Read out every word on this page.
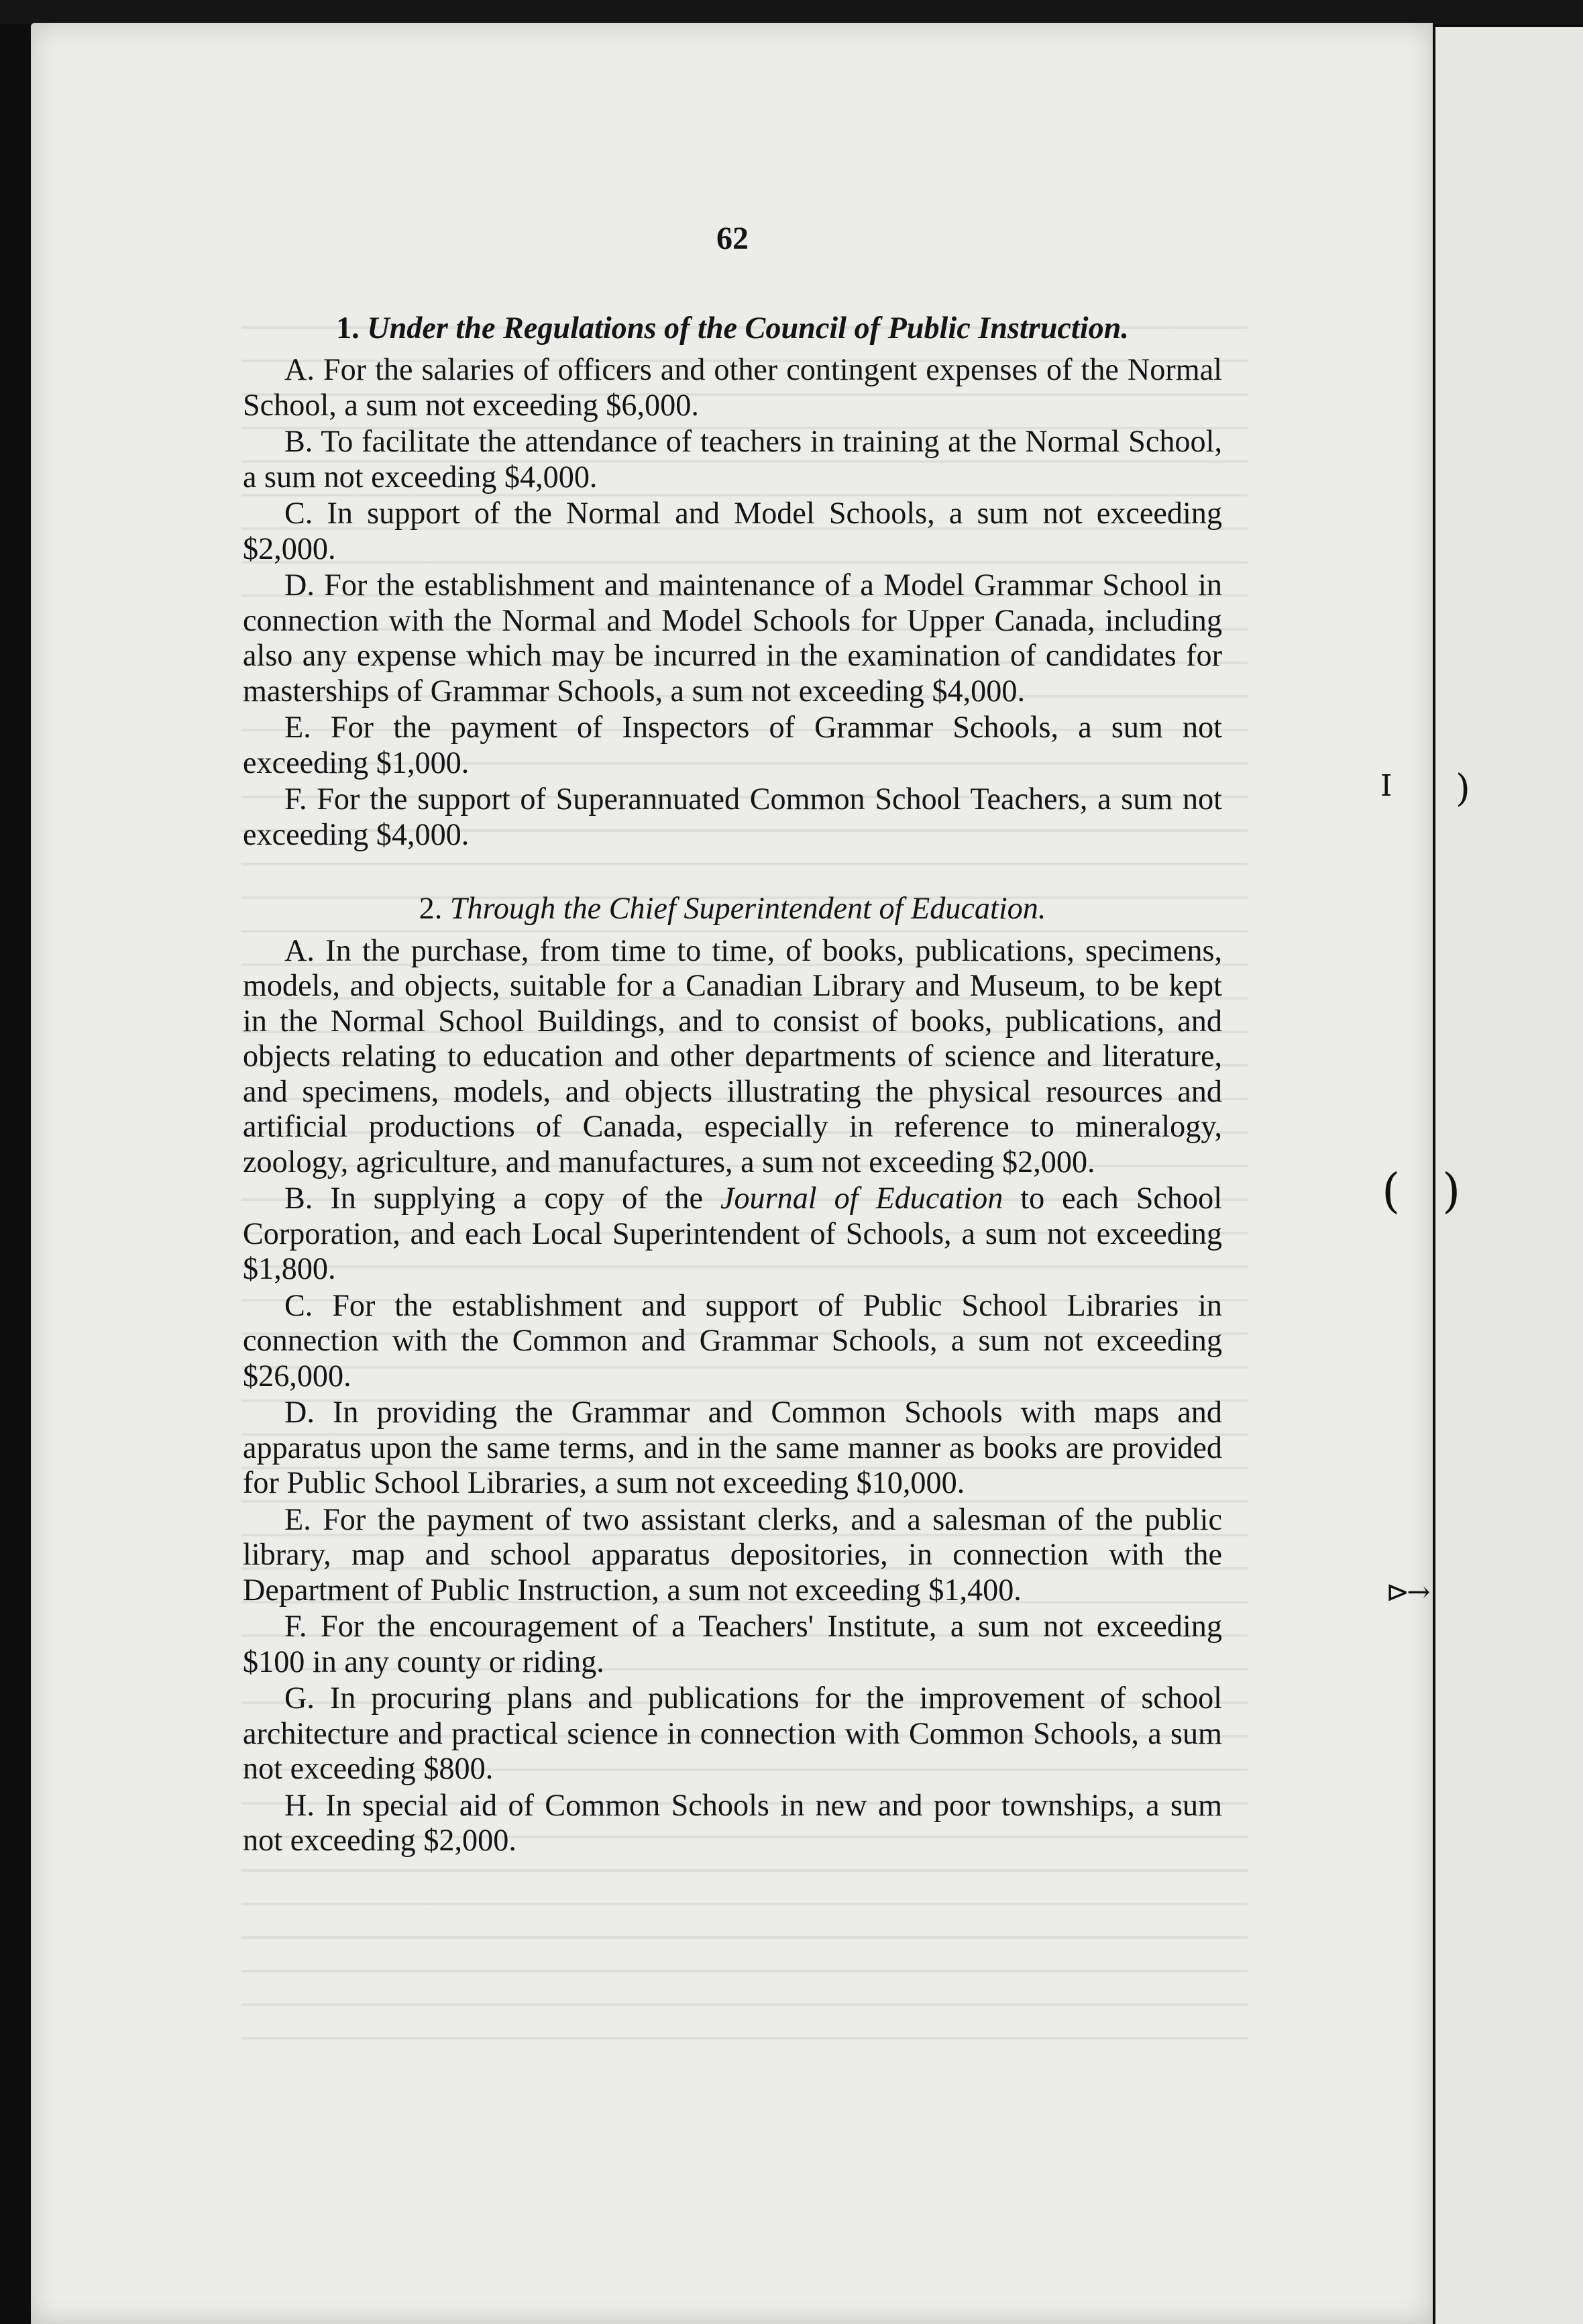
I )
( )
⊳→
62
1. Under the Regulations of the Council of Public Instruction.

A. For the salaries of officers and other contingent expenses of the Normal School, a sum not exceeding $6,000.

B. To facilitate the attendance of teachers in training at the Normal School, a sum not exceeding $4,000.

C. In support of the Normal and Model Schools, a sum not exceeding $2,000.

D. For the establishment and maintenance of a Model Grammar School in connection with the Normal and Model Schools for Upper Canada, including also any expense which may be incurred in the examination of candidates for masterships of Grammar Schools, a sum not exceeding $4,000.

E. For the payment of Inspectors of Grammar Schools, a sum not exceeding $1,000.

F. For the support of Superannuated Common School Teachers, a sum not exceeding $4,000.

2. Through the Chief Superintendent of Education.

A. In the purchase, from time to time, of books, publications, specimens, models, and objects, suitable for a Canadian Library and Museum, to be kept in the Normal School Buildings, and to consist of books, publications, and objects relating to education and other departments of science and literature, and specimens, models, and objects illustrating the physical resources and artificial productions of Canada, especially in reference to mineralogy, zoology, agriculture, and manufactures, a sum not exceeding $2,000.

B. In supplying a copy of the Journal of Education to each School Corporation, and each Local Superintendent of Schools, a sum not exceeding $1,800.

C. For the establishment and support of Public School Libraries in connection with the Common and Grammar Schools, a sum not exceeding $26,000.

D. In providing the Grammar and Common Schools with maps and apparatus upon the same terms, and in the same manner as books are provided for Public School Libraries, a sum not exceeding $10,000.

E. For the payment of two assistant clerks, and a salesman of the public library, map and school apparatus depositories, in connection with the Department of Public Instruction, a sum not exceeding $1,400.

F. For the encouragement of a Teachers' Institute, a sum not exceeding $100 in any county or riding.

G. In procuring plans and publications for the improvement of school architecture and practical science in connection with Common Schools, a sum not exceeding $800.

H. In special aid of Common Schools in new and poor townships, a sum not exceeding $2,000.
